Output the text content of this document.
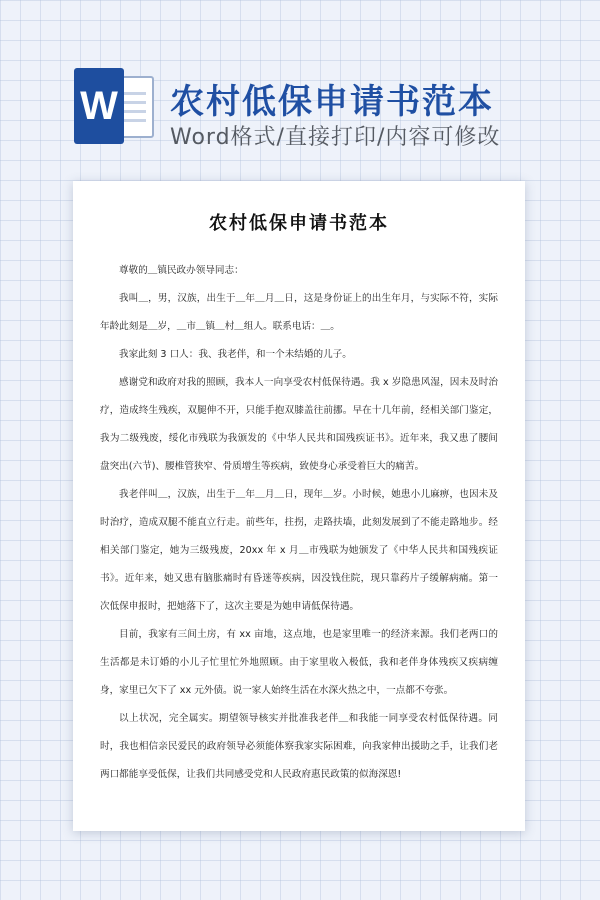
W 农村低保申请书范本
Word格式/直接打印/内容可修改
农村低保申请书范本

尊敬的＿镇民政办领导同志：

我叫＿，男，汉族，出生于＿年＿月＿日，这是身份证上的出生年月，与实际不符，实际年龄此刻是＿岁，＿市＿镇＿村＿组人。联系电话：＿。

我家此刻 3 口人：我、我老伴，和一个未结婚的儿子。

感谢党和政府对我的照顾，我本人一向享受农村低保待遇。我 x 岁隐患风湿，因未及时治疗，造成终生残疾，双腿伸不开，只能手抱双膝盖往前挪。早在十几年前，经相关部门鉴定，我为二级残废，绥化市残联为我颁发的《中华人民共和国残疾证书》。近年来，我又患了腰间盘突出(六节)、腰椎管狭窄、骨质增生等疾病，致使身心承受着巨大的痛苦。

我老伴叫＿，汉族，出生于＿年＿月＿日，现年＿岁。小时候，她患小儿麻痹，也因未及时治疗，造成双腿不能直立行走。前些年，拄拐，走路扶墙，此刻发展到了不能走路地步。经相关部门鉴定，她为三级残废，20xx 年 x 月＿市残联为她颁发了《中华人民共和国残疾证书》。近年来，她又患有脑胀痛时有昏迷等疾病，因没钱住院，现只靠药片子缓解病痛。第一次低保申报时，把她落下了，这次主要是为她申请低保待遇。

目前，我家有三间土房，有 xx 亩地，这点地，也是家里唯一的经济来源。我们老两口的生活都是未订婚的小儿子忙里忙外地照顾。由于家里收入极低，我和老伴身体残疾又疾病缠身，家里已欠下了 xx 元外债。说一家人始终生活在水深火热之中，一点都不夸张。

以上状况，完全属实。期望领导核实并批准我老伴＿和我能一同享受农村低保待遇。同时，我也相信亲民爱民的政府领导必须能体察我家实际困难，向我家伸出援助之手，让我们老两口都能享受低保，让我们共同感受党和人民政府惠民政策的似海深恩!
